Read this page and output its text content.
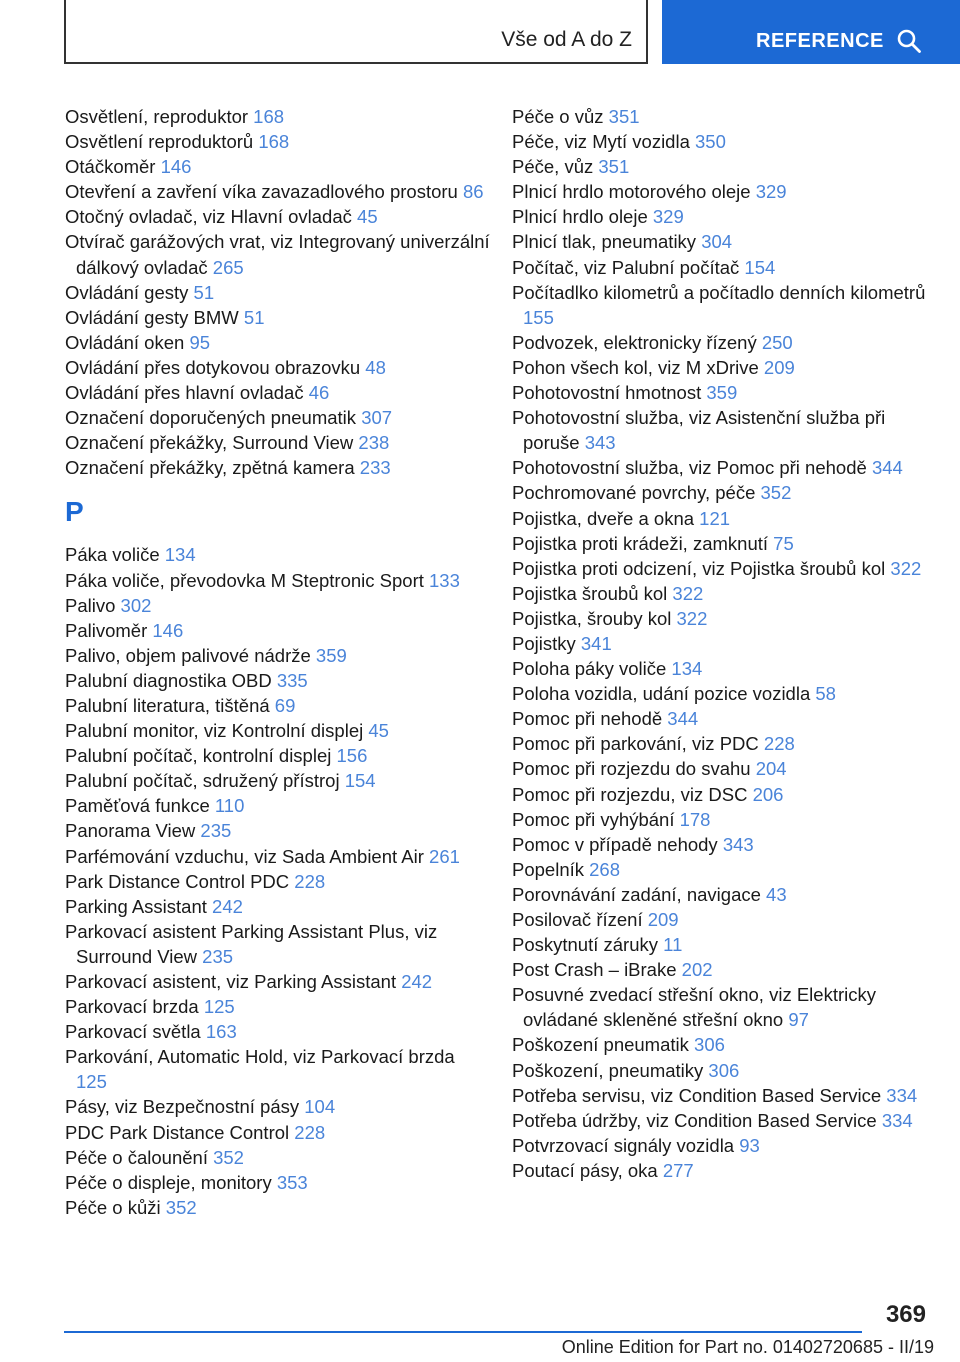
Vše od A do Z	REFERENCE
Osvětlení, reproduktor 168
Osvětlení reproduktorů 168
Otáčkoměr 146
Otevření a zavření víka zavazadlového prostoru 86
Otočný ovladač, viz Hlavní ovladač 45
Otvírač garážových vrat, viz Integrovaný univerzální dálkový ovladač 265
Ovládání gesty 51
Ovládání gesty BMW 51
Ovládání oken 95
Ovládání přes dotykovou obrazovku 48
Ovládání přes hlavní ovladač 46
Označení doporučených pneumatik 307
Označení překážky, Surround View 238
Označení překážky, zpětná kamera 233
P
Páka voliče 134
Páka voliče, převodovka M Steptronic Sport 133
Palivo 302
Palivoměr 146
Palivo, objem palivové nádrže 359
Palubní diagnostika OBD 335
Palubní literatura, tištěná 69
Palubní monitor, viz Kontrolní displej 45
Palubní počítač, kontrolní displej 156
Palubní počítač, sdružený přístroj 154
Paměťová funkce 110
Panorama View 235
Parfémování vzduchu, viz Sada Ambient Air 261
Park Distance Control PDC 228
Parking Assistant 242
Parkovací asistent Parking Assistant Plus, viz Surround View 235
Parkovací asistent, viz Parking Assistant 242
Parkovací brzda 125
Parkovací světla 163
Parkování, Automatic Hold, viz Parkovací brzda 125
Pásy, viz Bezpečnostní pásy 104
PDC Park Distance Control 228
Péče o čalounění 352
Péče o displeje, monitory 353
Péče o kůži 352
Péče o vůz 351
Péče, viz Mytí vozidla 350
Péče, vůz 351
Plnicí hrdlo motorového oleje 329
Plnicí hrdlo oleje 329
Plnicí tlak, pneumatiky 304
Počítač, viz Palubní počítač 154
Počítadlko kilometrů a počítadlo denních kilometrů 155
Podvozek, elektronicky řízený 250
Pohon všech kol, viz M xDrive 209
Pohotovostní hmotnost 359
Pohotovostní služba, viz Asistenční služba při poruše 343
Pohotovostní služba, viz Pomoc při nehodě 344
Pochromované povrchy, péče 352
Pojistka, dveře a okna 121
Pojistka proti krádeži, zamknutí 75
Pojistka proti odcizení, viz Pojistka šroubů kol 322
Pojistka šroubů kol 322
Pojistka, šrouby kol 322
Pojistky 341
Poloha páky voliče 134
Poloha vozidla, udání pozice vozidla 58
Pomoc při nehodě 344
Pomoc při parkování, viz PDC 228
Pomoc při rozjezdu do svahu 204
Pomoc při rozjezdu, viz DSC 206
Pomoc při vyhýbání 178
Pomoc v případě nehody 343
Popelník 268
Porovnávání zadání, navigace 43
Posilovač řízení 209
Poskytnutí záruky 11
Post Crash – iBrake 202
Posuvné zvedací střešní okno, viz Elektricky ovládané skleněné střešní okno 97
Poškození pneumatik 306
Poškození, pneumatiky 306
Potřeba servisu, viz Condition Based Service 334
Potřeba údržby, viz Condition Based Service 334
Potvrzovací signály vozidla 93
Poutací pásy, oka 277
369
Online Edition for Part no. 01402720685 - II/19
